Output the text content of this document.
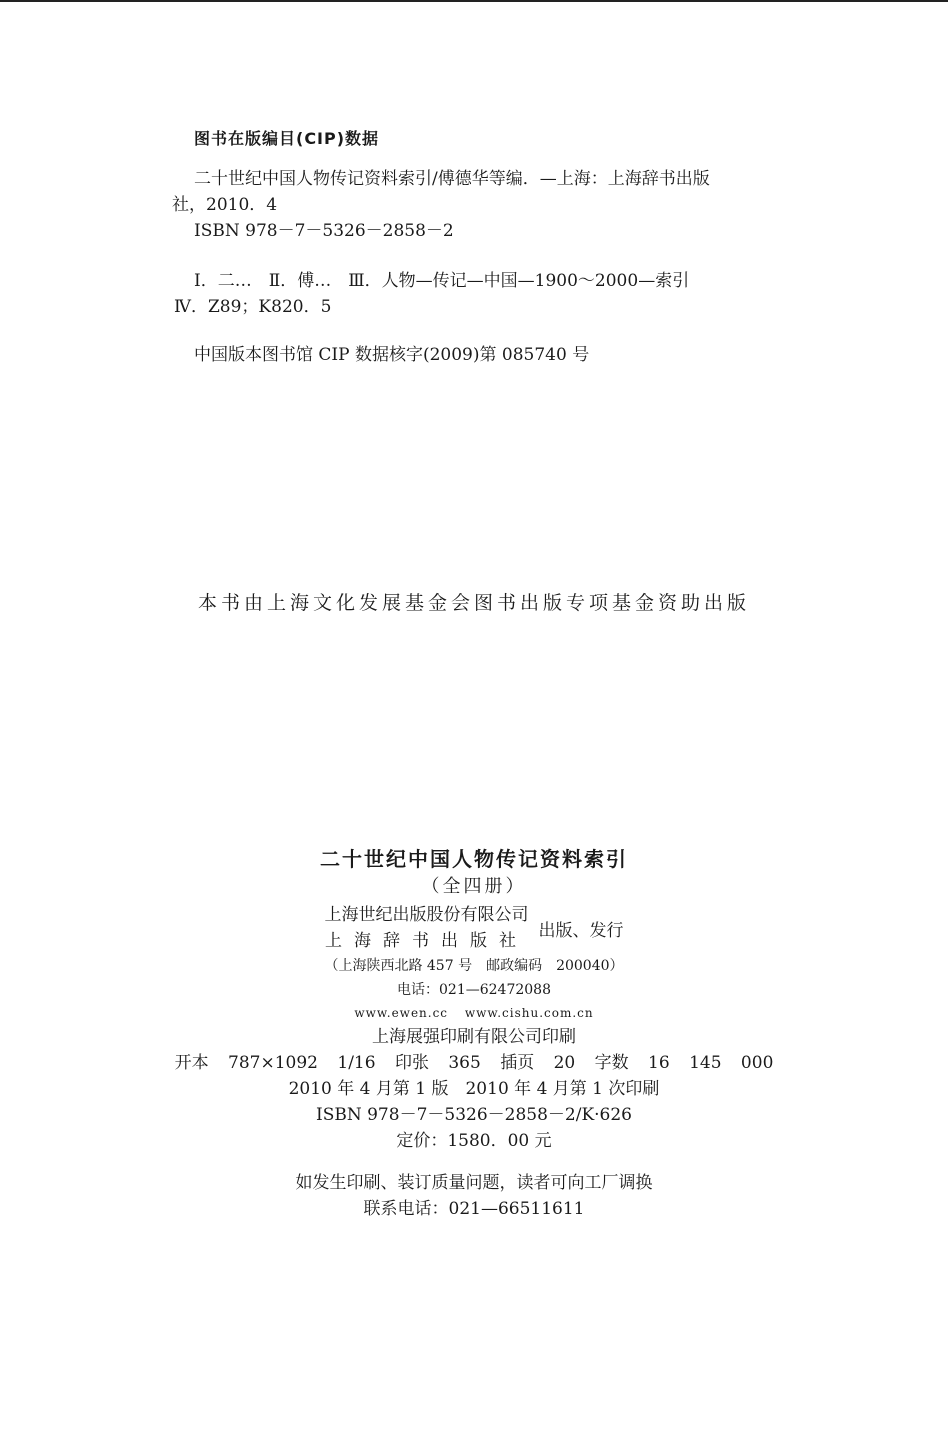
图书在版编目(CIP)数据
二十世纪中国人物传记资料索引/傅德华等编．—上海：上海辞书出版
社，2010．4
ISBN 978－7－5326－2858－2
Ⅰ．二…　Ⅱ．傅…　Ⅲ．人物—传记—中国—1900～2000—索引
Ⅳ．Z89；K820．5
中国版本图书馆 CIP 数据核字(2009)第 085740 号
本书由上海文化发展基金会图书出版专项基金资助出版
二十世纪中国人物传记资料索引
（全四册）
上海世纪出版股份有限公司
上海辞书出版社
出版、发行
（上海陕西北路 457 号　邮政编码　200040）
电话：021—62472088
www.ewen.cc www.cishu.com.cn
上海展强印刷有限公司印刷
开本 787×1092 1/16 印张 365 插页 20 字数 16 145 000
2010 年 4 月第 1 版　2010 年 4 月第 1 次印刷
ISBN 978－7－5326－2858－2/K·626
定价：1580．00 元
如发生印刷、装订质量问题，读者可向工厂调换
联系电话：021—66511611
